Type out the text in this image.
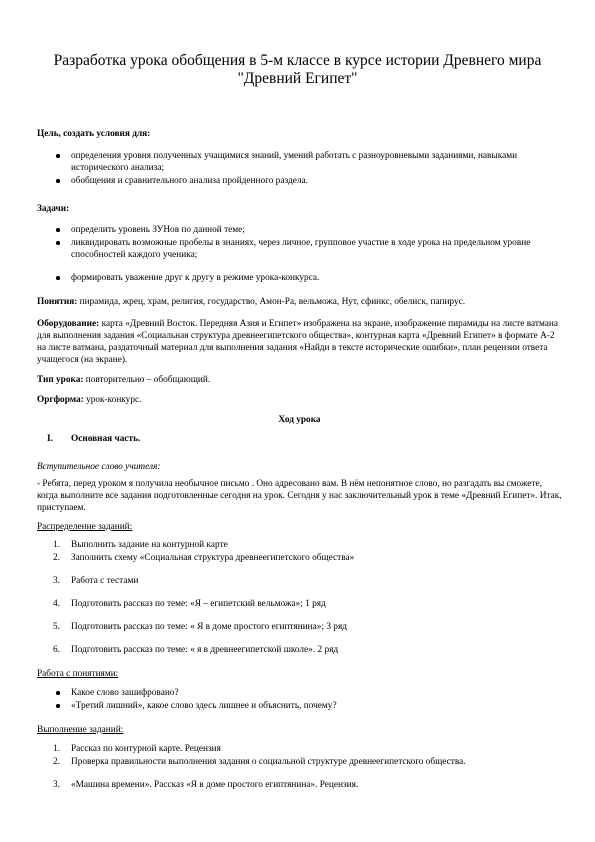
Разработка урока обобщения в 5-м классе в курсе истории Древнего мира
"Древний Египет"
Цель, создать условия для:
определения уровня полученных учащимися знаний, умений работать с разноуровневыми заданиями, навыками исторического анализа;
обобщения и сравнительного анализа пройденного раздела.
Задачи:
определить уровень ЗУНов по данной теме;
ликвидировать возможные пробелы в знаниях, через личное, групповое участие в ходе урока на предельном уровне способностей каждого ученика;
формировать уважение друг к другу в режиме урока-конкурса.
Понятия: пирамида, жрец, храм, религия, государство, Амон-Ра, вельможа, Нут, сфинкс, обелиск, папирус.
Оборудование: карта «Древний Восток. Передняя Азия и Египет» изображена на экране, изображение пирамиды на листе ватмана для выполнения задания «Социальная структура древнеегипетского общества», контурная карта «Древний Египет» в формате А-2 на листе ватмана, раздаточный материал для выполнения задания «Найди в тексте исторические ошибки», план рецензии ответа учащегося (на экране).
Тип урока: повторительно – обобщающий.
Оргформа: урок-конкурс.
Ход урока
I. Основная часть.
Вступительное слово учителя:
- Ребята, перед уроком я получила необычное письмо . Оно адресовано вам. В нём непонятное слово, но разгадать вы сможете, когда выполните все задания подготовленные сегодня на урок. Сегодня у нас заключительный урок в теме «Древний Египет». Итак, приступаем.
Распределение заданий:
1. Выполнить задание на контурной карте
2. Заполнить схему «Социальная структура древнеегипетского общества»
3. Работа с тестами
4. Подготовить рассказ по теме: «Я – египетский вельможа»; 1 ряд
5. Подготовить рассказ по теме: « Я в доме простого египтянина»; 3 ряд
6. Подготовить рассказ по теме: « я в древнеегипетской школе». 2 ряд
Работа с понятиями:
Какое слово зашифровано?
«Третий лишний», какое слово здесь лишнее и объяснить, почему?
Выполнение заданий:
1. Рассказ по контурной карте. Рецензия
2. Проверка правильности выполнения задания о социальной структуре древнеегипетского общества.
3. «Машина времени». Рассказ «Я в доме простого египтянина». Рецензия.
